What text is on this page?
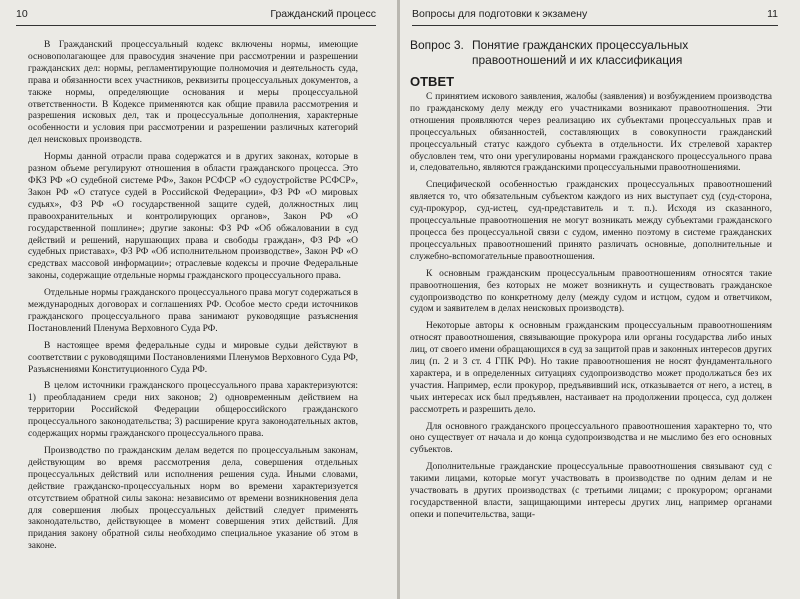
10	Гражданский процесс

В Гражданский процессуальный кодекс включены нормы, имеющие основополагающее для правосудия значение при рассмотрении и разрешении гражданских дел: нормы, регламентирующие полномочия и деятельность суда, права и обязанности всех участников, реквизиты процессуальных документов, а также нормы, определяющие основания и меры процессуальной ответственности. В Кодексе применяются как общие правила рассмотрения и разрешения исковых дел, так и процессуальные дополнения, характерные особенности и условия при рассмотрении и разрешении различных категорий дел неисковых производств.

Нормы данной отрасли права содержатся и в других законах, которые в разном объеме регулируют отношения в области гражданского процесса. Это ФКЗ РФ «О судебной системе РФ», Закон РСФСР «О судоустройстве РСФСР», Закон РФ «О статусе судей в Российской Федерации», ФЗ РФ «О мировых судьях», ФЗ РФ «О государственной защите судей, должностных лиц правоохранительных и контролирующих органов», Закон РФ «О государственной пошлине»; другие законы: ФЗ РФ «Об обжаловании в суд действий и решений, нарушающих права и свободы граждан», ФЗ РФ «О судебных приставах», ФЗ РФ «Об исполнительном производстве», Закон РФ «О средствах массовой информации»; отраслевые кодексы и прочие Федеральные законы, содержащие отдельные нормы гражданского процессуального права.

Отдельные нормы гражданского процессуального права могут содержаться в международных договорах и соглашениях РФ. Особое место среди источников гражданского процессуального права занимают руководящие разъяснения Постановлений Пленума Верховного Суда РФ.

В настоящее время федеральные суды и мировые судьи действуют в соответствии с руководящими Постановлениями Пленумов Верховного Суда РФ, Разъяснениями Конституционного Суда РФ.

В целом источники гражданского процессуального права характеризуются: 1) преобладанием среди них законов; 2) одновременным действием на территории Российской Федерации общероссийского гражданского процессуального законодательства; 3) расширение круга законодательных актов, содержащих нормы гражданского процессуального права.

Производство по гражданским делам ведется по процессуальным законам, действующим во время рассмотрения дела, совершения отдельных процессуальных действий или исполнения решения суда. Иными словами, действие гражданско-процессуальных норм во времени характеризуется отсутствием обратной силы закона: независимо от времени возникновения дела для совершения любых процессуальных действий следует применять законодательство, действующее в момент совершения этих действий. Для придания закону обратной силы необходимо специальное указание об этом в законе.

Вопросы для подготовки к экзамену	11
Вопрос 3. Понятие гражданских процессуальных правоотношений и их классификация
ОТВЕТ

С принятием искового заявления, жалобы (заявления) и возбуждением производства по гражданскому делу между его участниками возникают правоотношения. Эти отношения проявляются через реализацию их субъектами процессуальных прав и процессуальных обязанностей, составляющих в совокупности гражданский процессуальный статус каждого субъекта в отдельности. Их стрелевой характер обусловлен тем, что они урегулированы нормами гражданского процессуального права и, следовательно, являются гражданскими процессуальными правоотношениями.

Специфической особенностью гражданских процессуальных правоотношений является то, что обязательным субъектом каждого из них выступает суд (суд-сторона, суд-прокурор, суд-истец, суд-представитель и т. п.). Исходя из сказанного, процессуальные правоотношения не могут возникать между субъектами гражданского процесса без процессуальной связи с судом, именно поэтому в системе гражданских процессуальных правоотношений принято различать основные, дополнительные и служебно-вспомогательные правоотношения.

К основным гражданским процессуальным правоотношениям относятся такие правоотношения, без которых не может возникнуть и существовать гражданское судопроизводство по конкретному делу (между судом и истцом, судом и ответчиком, судом и заявителем в делах неисковых производств).

Некоторые авторы к основным гражданским процессуальным правоотношениям относят правоотношения, связывающие прокурора или органы государства либо иных лиц, от своего имени обращающихся в суд за защитой прав и законных интересов других лиц (п. 2 и 3 ст. 4 ГПК РФ). Но такие правоотношения не носят фундаментального характера, и в определенных ситуациях судопроизводство может продолжаться без их участия. Например, если прокурор, предъявивший иск, отказывается от него, а истец, в чьих интересах иск был предъявлен, настаивает на продолжении процесса, суд должен рассмотреть и разрешить дело.

Для основного гражданского процессуального правоотношения характерно то, что оно существует от начала и до конца судопроизводства и не мыслимо без его основных субъектов.

Дополнительные гражданские процессуальные правоотношения связывают суд с такими лицами, которые могут участвовать в производстве по одним делам и не участвовать в других производствах (с третьими лицами; с прокурором; органами государственной власти, защищающими интересы других лиц, например органами опеки и попечительства, защи-
